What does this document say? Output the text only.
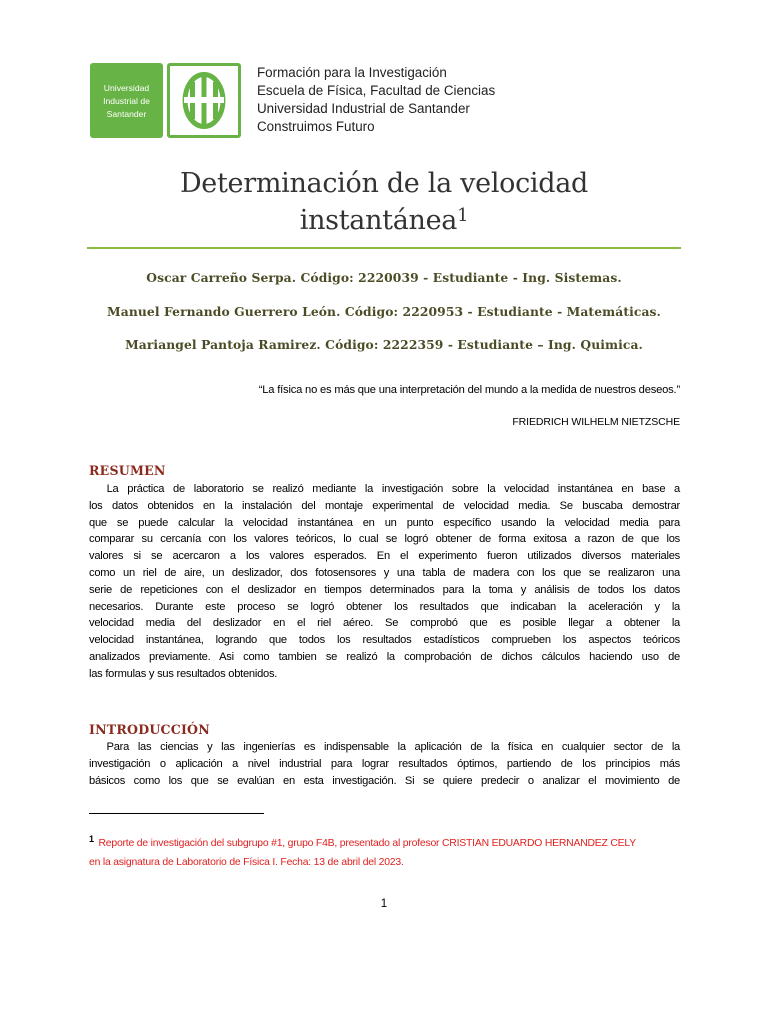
Universidad
Industrial de
Santander
Formación para la Investigación
Escuela de Física, Facultad de Ciencias
Universidad Industrial de Santander
Construimos Futuro
Determinación de la velocidad
instantánea$^1$
Oscar Carreño Serpa. Código: 2220039 - Estudiante - Ing. Sistemas.
Manuel Fernando Guerrero León. Código: 2220953 - Estudiante - Matemáticas.
Mariangel Pantoja Ramirez. Código: 2222359 - Estudiante – Ing. Quimica.
“La física no es más que una interpretación del mundo a la medida de nuestros deseos.”
FRIEDRICH WILHELM NIETZSCHE
RESUMEN
La práctica de laboratorio se realizó mediante la investigación sobre la velocidad instantánea en base a
los datos obtenidos en la instalación del montaje experimental de velocidad media. Se buscaba demostrar
que se puede calcular la velocidad instantánea en un punto específico usando la velocidad media para
comparar su cercanía con los valores teóricos, lo cual se logró obtener de forma exitosa a razon de que los
valores si se acercaron a los valores esperados. En el experimento fueron utilizados diversos materiales
como un riel de aire, un deslizador, dos fotosensores y una tabla de madera con los que se realizaron una
serie de repeticiones con el deslizador en tiempos determinados para la toma y análisis de todos los datos
necesarios. Durante este proceso se logró obtener los resultados que indicaban la aceleración y la
velocidad media del deslizador en el riel aéreo. Se comprobó que es posible llegar a obtener la
velocidad instantánea, logrando que todos los resultados estadísticos comprueben los aspectos teóricos
analizados previamente. Asi como tambien se realizó la comprobación de dichos cálculos haciendo uso de
las formulas y sus resultados obtenidos.
INTRODUCCIÓN
Para las ciencias y las ingenierías es indispensable la aplicación de la física en cualquier sector de la
investigación o aplicación a nivel industrial para lograr resultados óptimos, partiendo de los principios más
básicos como los que se evalúan en esta investigación. Si se quiere predecir o analizar el movimiento de
$^1$ Reporte de investigación del subgrupo #1, grupo F4B, presentado al profesor CRISTIAN EDUARDO HERNANDEZ CELY
en la asignatura de Laboratorio de Física I. Fecha: 13 de abril del 2023.
1
